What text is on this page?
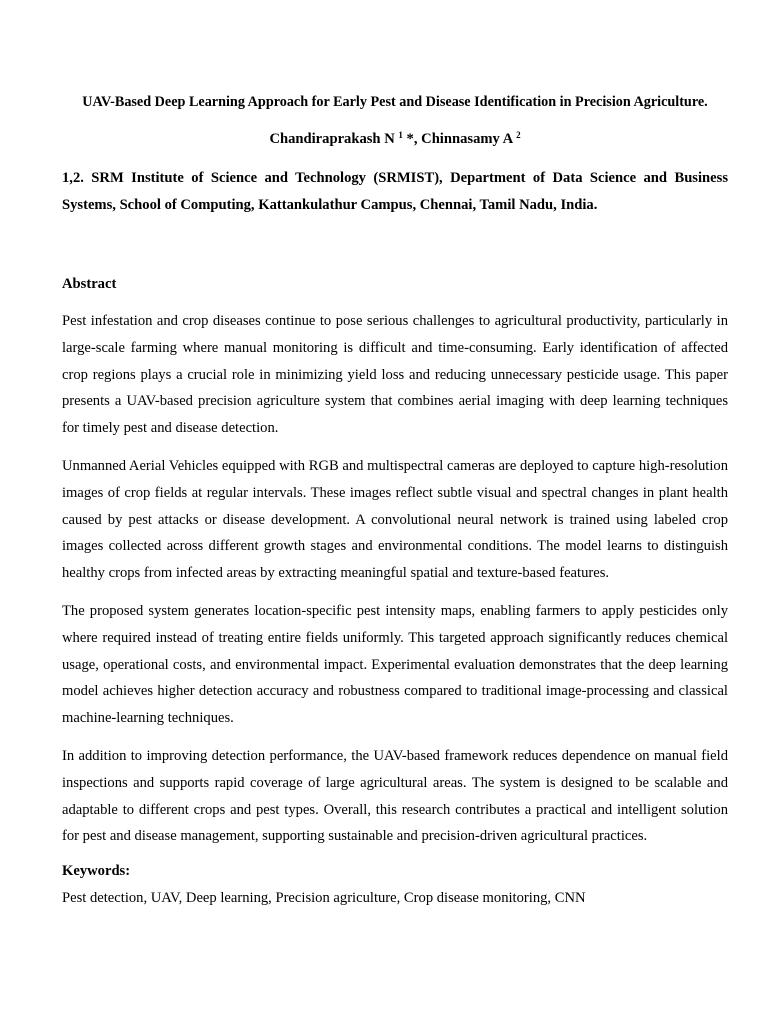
UAV-Based Deep Learning Approach for Early Pest and Disease Identification in Precision Agriculture.

Chandiraprakash N $^1$ *, Chinnasamy A $^2$

1,2. SRM Institute of Science and Technology (SRMIST), Department of Data Science and Business Systems, School of Computing, Kattankulathur Campus, Chennai, Tamil Nadu, India.

Abstract

Pest infestation and crop diseases continue to pose serious challenges to agricultural productivity, particularly in large-scale farming where manual monitoring is difficult and time-consuming. Early identification of affected crop regions plays a crucial role in minimizing yield loss and reducing unnecessary pesticide usage. This paper presents a UAV-based precision agriculture system that combines aerial imaging with deep learning techniques for timely pest and disease detection.

Unmanned Aerial Vehicles equipped with RGB and multispectral cameras are deployed to capture high-resolution images of crop fields at regular intervals. These images reflect subtle visual and spectral changes in plant health caused by pest attacks or disease development. A convolutional neural network is trained using labeled crop images collected across different growth stages and environmental conditions. The model learns to distinguish healthy crops from infected areas by extracting meaningful spatial and texture-based features.

The proposed system generates location-specific pest intensity maps, enabling farmers to apply pesticides only where required instead of treating entire fields uniformly. This targeted approach significantly reduces chemical usage, operational costs, and environmental impact. Experimental evaluation demonstrates that the deep learning model achieves higher detection accuracy and robustness compared to traditional image-processing and classical machine-learning techniques.

In addition to improving detection performance, the UAV-based framework reduces dependence on manual field inspections and supports rapid coverage of large agricultural areas. The system is designed to be scalable and adaptable to different crops and pest types. Overall, this research contributes a practical and intelligent solution for pest and disease management, supporting sustainable and precision-driven agricultural practices.

Keywords:

Pest detection, UAV, Deep learning, Precision agriculture, Crop disease monitoring, CNN
